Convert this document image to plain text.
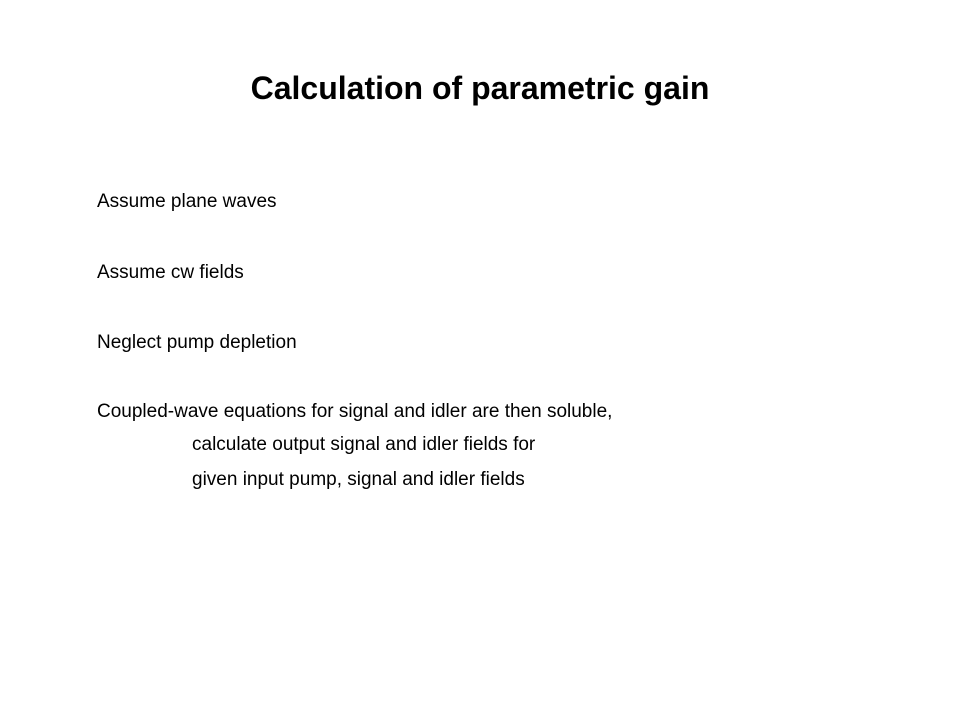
Calculation of parametric gain
Assume plane waves
Assume cw fields
Neglect pump depletion
Coupled-wave equations for signal and idler are then soluble,
calculate output signal and idler fields for
given input pump, signal and idler fields
